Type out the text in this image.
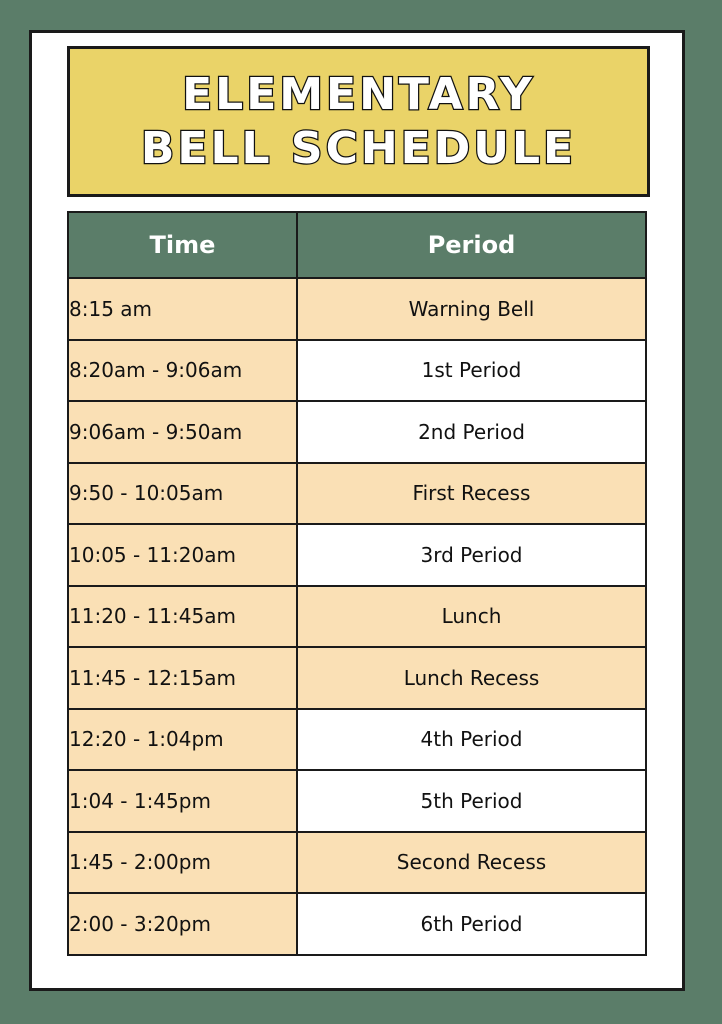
ELEMENTARY
BELL SCHEDULE
Time	Period
8:15 am	Warning Bell
8:20am - 9:06am	1st Period
9:06am - 9:50am	2nd Period
9:50 - 10:05am	First Recess
10:05 - 11:20am	3rd Period
11:20 - 11:45am	Lunch
11:45 - 12:15am	Lunch Recess
12:20 - 1:04pm	4th Period
1:04 - 1:45pm	5th Period
1:45 - 2:00pm	Second Recess
2:00 - 3:20pm	6th Period
